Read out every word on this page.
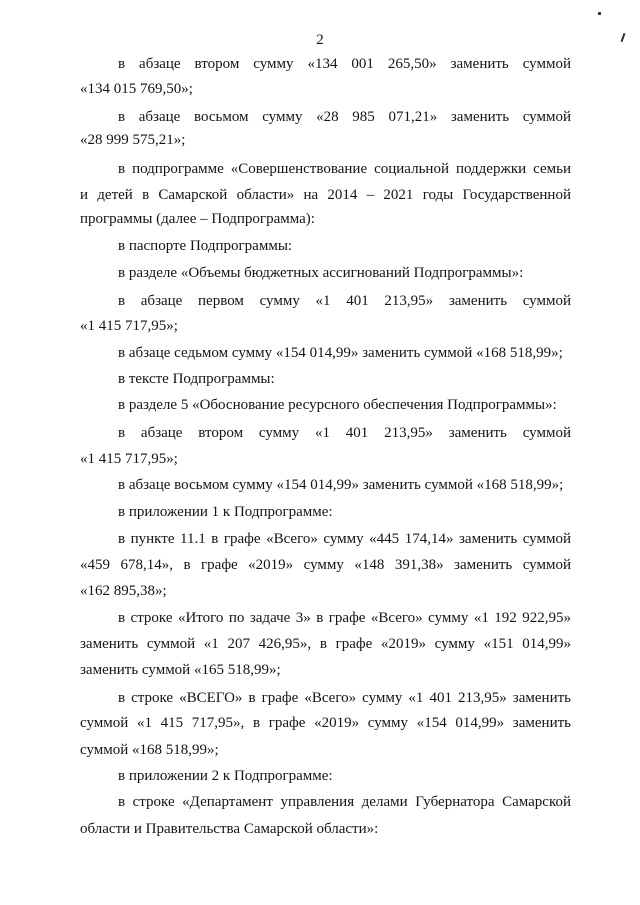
2
в абзаце втором сумму «134 001 265,50» заменить суммой
«134 015 769,50»;
в абзаце восьмом сумму «28 985 071,21» заменить суммой
«28 999 575,21»;
в подпрограмме «Совершенствование социальной поддержки семьи
и детей в Самарской области» на 2014 – 2021 годы Государственной
программы (далее – Подпрограмма):
в паспорте Подпрограммы:
в разделе «Объемы бюджетных ассигнований Подпрограммы»:
в абзаце первом сумму «1 401 213,95» заменить суммой
«1 415 717,95»;
в абзаце седьмом сумму «154 014,99» заменить суммой «168 518,99»;
в тексте Подпрограммы:
в разделе 5 «Обоснование ресурсного обеспечения Подпрограммы»:
в абзаце втором сумму «1 401 213,95» заменить суммой
«1 415 717,95»;
в абзаце восьмом сумму «154 014,99» заменить суммой «168 518,99»;
в приложении 1 к Подпрограмме:
в пункте 11.1 в графе «Всего» сумму «445 174,14» заменить суммой
«459 678,14», в графе «2019» сумму «148 391,38» заменить суммой
«162 895,38»;
в строке «Итого по задаче 3» в графе «Всего» сумму «1 192 922,95»
заменить суммой «1 207 426,95», в графе «2019» сумму «151 014,99»
заменить суммой «165 518,99»;
в строке «ВСЕГО» в графе «Всего» сумму «1 401 213,95» заменить
суммой «1 415 717,95», в графе «2019» сумму «154 014,99» заменить
суммой «168 518,99»;
в приложении 2 к Подпрограмме:
в строке «Департамент управления делами Губернатора Самарской
области и Правительства Самарской области»:
